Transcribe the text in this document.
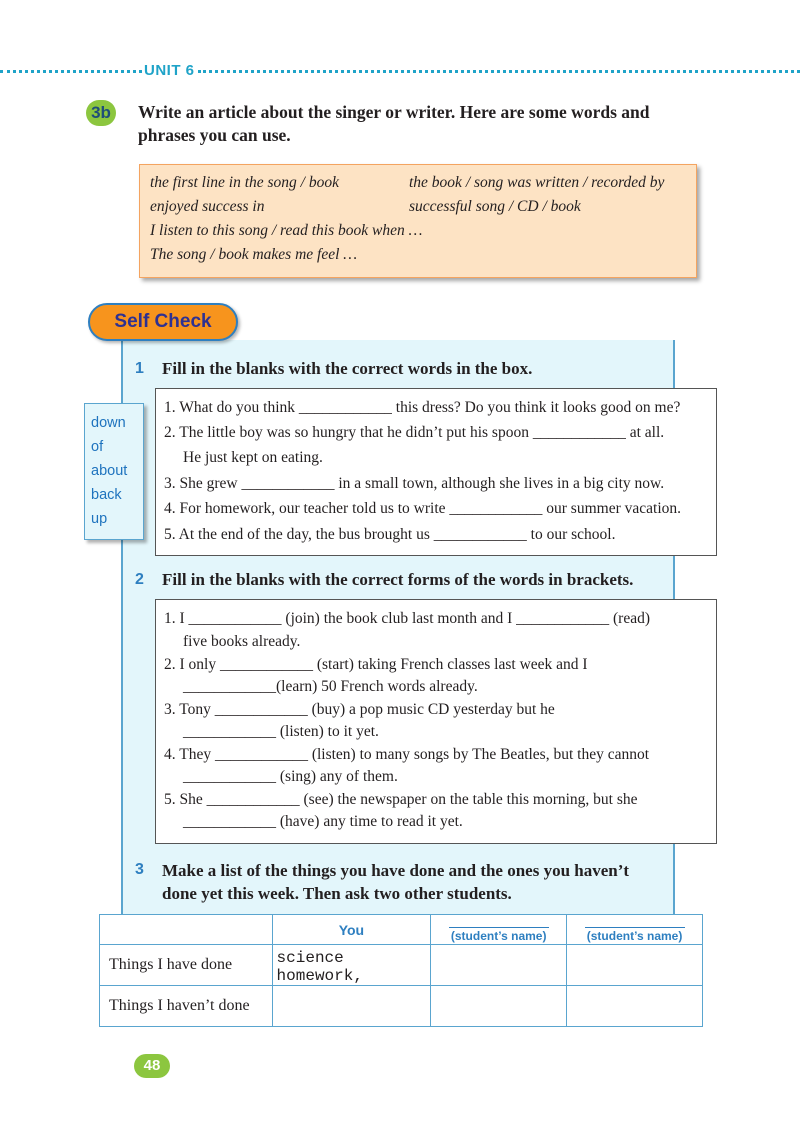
UNIT 6
3b Write an article about the singer or writer. Here are some words and
phrases you can use.
the first line in the song / book	the book / song was written / recorded by
enjoyed success in	successful song / CD / book
I listen to this song / read this book when …
The song / book makes me feel …
Self Check
1 Fill in the blanks with the correct words in the box.
down
of
about
back
up
1. What do you think ____________ this dress? Do you think it looks good on me?
2. The little boy was so hungry that he didn’t put his spoon ____________ at all.
He just kept on eating.
3. She grew ____________ in a small town, although she lives in a big city now.
4. For homework, our teacher told us to write ____________ our summer vacation.
5. At the end of the day, the bus brought us ____________ to our school.
2 Fill in the blanks with the correct forms of the words in brackets.
1. I ____________ (join) the book club last month and I ____________ (read)
five books already.
2. I only ____________ (start) taking French classes last week and I
____________(learn) 50 French words already.
3. Tony ____________ (buy) a pop music CD yesterday but he
____________ (listen) to it yet.
4. They ____________ (listen) to many songs by The Beatles, but they cannot
____________ (sing) any of them.
5. She ____________ (see) the newspaper on the table this morning, but she
____________ (have) any time to read it yet.
3 Make a list of the things you have done and the ones you haven’t
done yet this week. Then ask two other students.
	You	(student’s name)	(student’s name)
Things I have done	science homework,		
Things I haven’t done			
48
